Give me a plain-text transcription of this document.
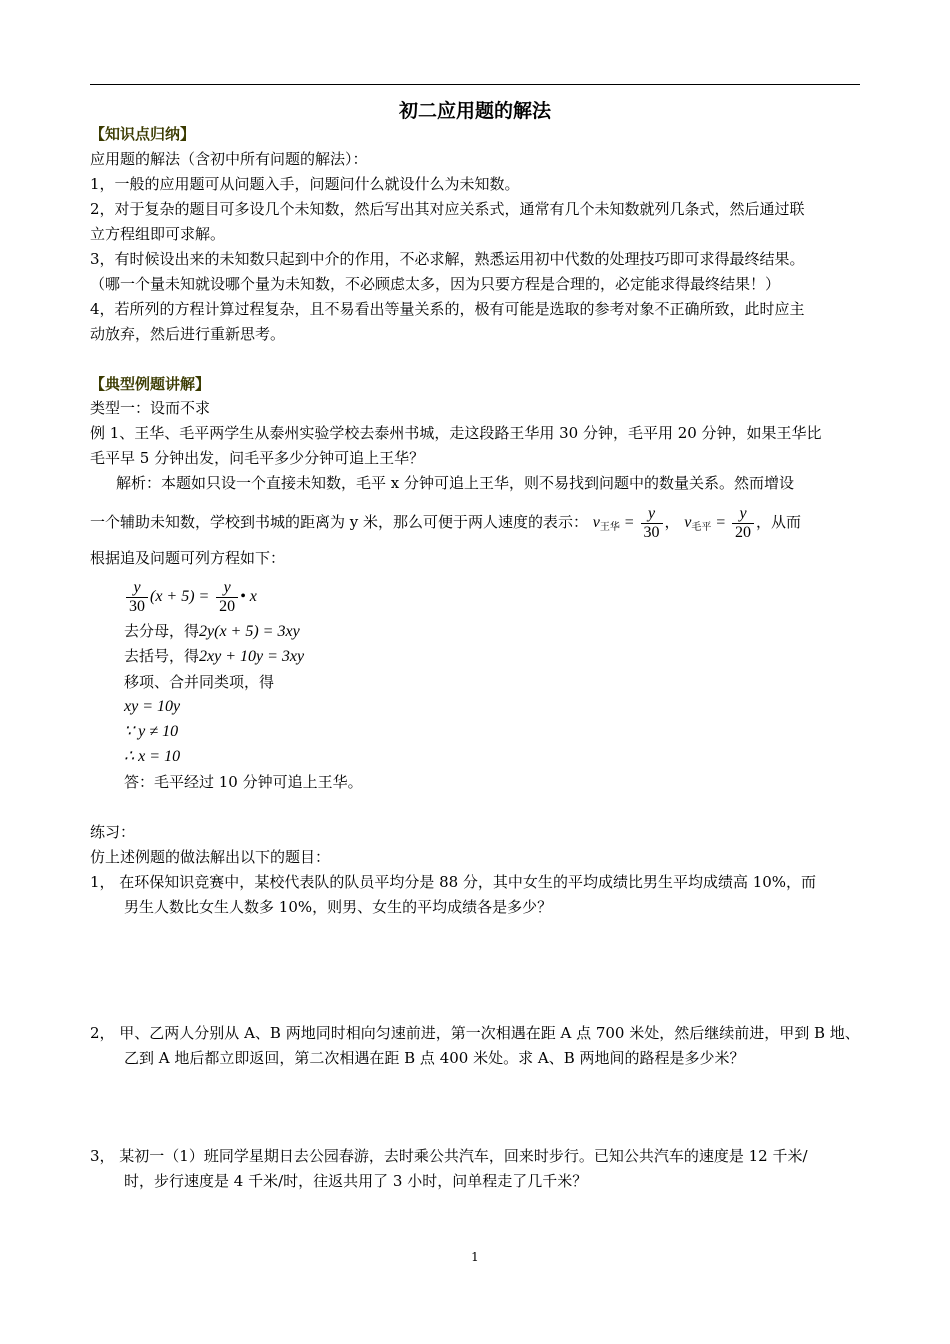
初二应用题的解法
【知识点归纳】
应用题的解法（含初中所有问题的解法）：
1，一般的应用题可从问题入手，问题问什么就设什么为未知数。
2，对于复杂的题目可多设几个未知数，然后写出其对应关系式，通常有几个未知数就列几条式，然后通过联
立方程组即可求解。
3，有时候设出来的未知数只起到中介的作用，不必求解，熟悉运用初中代数的处理技巧即可求得最终结果。
（哪一个量未知就设哪个量为未知数，不必顾虑太多，因为只要方程是合理的，必定能求得最终结果！）
4，若所列的方程计算过程复杂，且不易看出等量关系的，极有可能是选取的参考对象不正确所致，此时应主
动放弃，然后进行重新思考。
【典型例题讲解】
类型一：设而不求
例 1、王华、毛平两学生从泰州实验学校去泰州书城，走这段路王华用 30 分钟，毛平用 20 分钟，如果王华比
毛平早 5 分钟出发，问毛平多少分钟可追上王华？
解析：本题如只设一个直接未知数，毛平 x 分钟可追上王华，则不易找到问题中的数量关系。然而增设
一个辅助未知数，学校到书城的距离为 y 米，那么可便于两人速度的表示： $v_{王华} = \frac{y}{30}$ ， $v_{毛平} = \frac{y}{20}$ ，从而
根据追及问题可列方程如下：
$\frac{y}{30} (x + 5) = \frac{y}{20}$ • x
去分母，得2y(x + 5) = 3xy
去括号，得2xy + 10y = 3xy
移项、合并同类项，得
xy = 10y
∵ y ≠ 10
∴ x = 10
答：毛平经过 10 分钟可追上王华。
练习：
仿上述例题的做法解出以下的题目：
1， 在环保知识竞赛中，某校代表队的队员平均分是 88 分，其中女生的平均成绩比男生平均成绩高 10%，而
男生人数比女生人数多 10%，则男、女生的平均成绩各是多少？
2， 甲、乙两人分别从 A、B 两地同时相向匀速前进，第一次相遇在距 A 点 700 米处，然后继续前进，甲到 B 地、
乙到 A 地后都立即返回，第二次相遇在距 B 点 400 米处。求 A、B 两地间的路程是多少米？
3， 某初一（1）班同学星期日去公园春游，去时乘公共汽车，回来时步行。已知公共汽车的速度是 12 千米/
时，步行速度是 4 千米/时，往返共用了 3 小时，问单程走了几千米？
1
